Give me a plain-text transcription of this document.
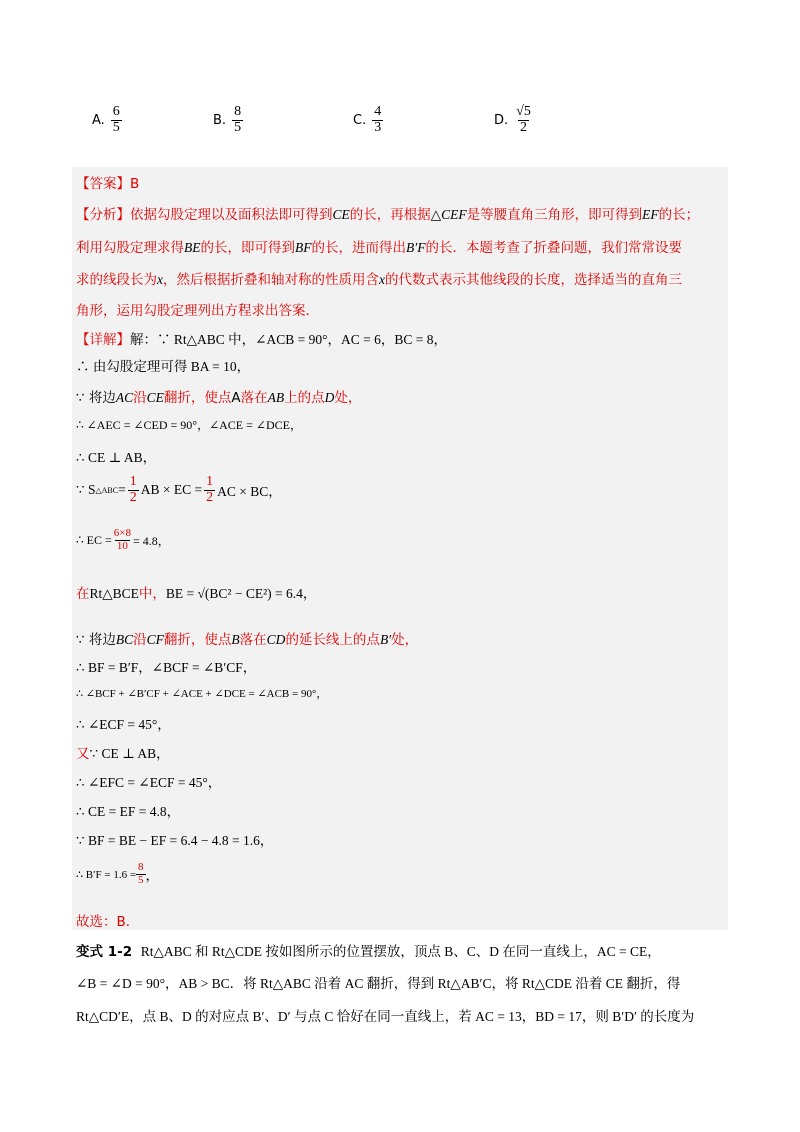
A. $\frac{6}{5}$	B. $\frac{8}{5}$	C. $\frac{4}{3}$	D. $\frac{√5}{2}$
【答案】B
【分析】依据勾股定理以及面积法即可得到CE的长，再根据△CEF是等腰直角三角形，即可得到EF的长；
利用勾股定理求得BE的长，即可得到BF的长，进而得出B′F的长．本题考查了折叠问题，我们常常设要
求的线段长为x，然后根据折叠和轴对称的性质用含x的代数式表示其他线段的长度，选择适当的直角三
角形，运用勾股定理列出方程求出答案．
【详解】解：∵ Rt△ABC 中，∠ACB = 90°，AC = 6，BC = 8，
∴ 由勾股定理可得 BA = 10，
∵ 将边AC沿CE翻折，使点A落在AB上的点D处，
∴ ∠AEC = ∠CED = 90°，∠ACE = ∠DCE，
∴ CE ⊥ AB，
∵ S △ABC = $\frac{1}{2}$ AB × EC = $\frac{1}{2}$ AC × BC，
∴ EC = $\frac{6\times 8}{10} = 4.8$，
在Rt△BCE中，BE = √(BC² − CE²) = 6.4，
∵ 将边BC沿CF翻折，使点B落在CD的延长线上的点B′处，
∴ BF = B′F，∠BCF = ∠B′CF，
∴ ∠BCF + ∠B′CF + ∠ACE + ∠DCE = ∠ACB = 90°，
∴ ∠ECF = 45°，
又∵ CE ⊥ AB，
∴ ∠EFC = ∠ECF = 45°，
∴ CE = EF = 4.8，
∵ BF = BE − EF = 6.4 − 4.8 = 1.6，
∴ $B'F = 1.6 = \frac{8}{5}$ ，
故选：B．
变式 1-2 Rt△ABC 和 Rt△CDE 按如图所示的位置摆放，顶点 B、C、D 在同一直线上，AC = CE，
∠B = ∠D = 90°，AB > BC．将 Rt△ABC 沿着 AC 翻折，得到 Rt△AB′C，将 Rt△CDE 沿着 CE 翻折，得
Rt△CD′E，点 B、D 的对应点 B′、D′ 与点 C 恰好在同一直线上，若 AC = 13，BD = 17，则 B′D′ 的长度为
